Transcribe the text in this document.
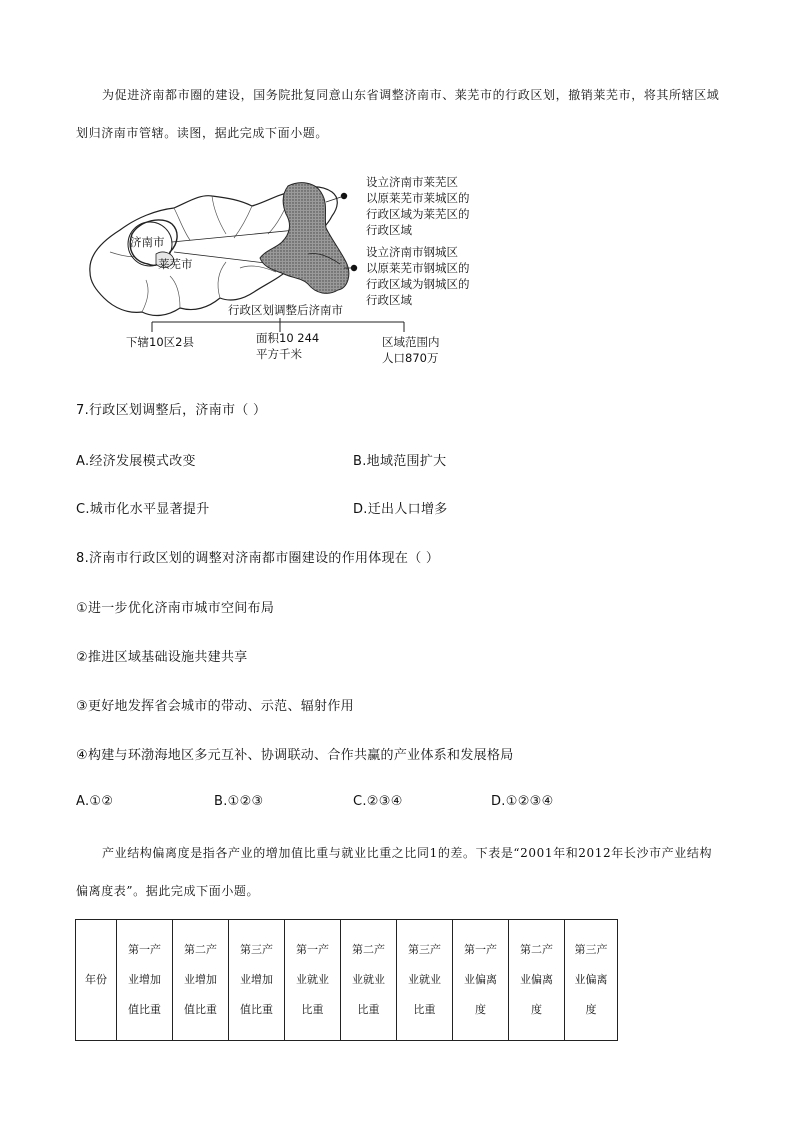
为促进济南都市圈的建设，国务院批复同意山东省调整济南市、莱芜市的行政区划，撤销莱芜市，将其所辖区域划归济南市管辖。读图，据此完成下面小题。
济南市
莱芜市
设立济南市莱芜区
以原莱芜市莱城区的
行政区域为莱芜区的
行政区域
设立济南市钢城区
以原莱芜市钢城区的
行政区域为钢城区的
行政区域
行政区划调整后济南市
下辖10区2县	面积10 244
平方千米
区域范围内
人口870万
7.行政区划调整后，济南市（ ）
A.经济发展模式改变	B.地域范围扩大
C.城市化水平显著提升	D.迁出人口增多
8.济南市行政区划的调整对济南都市圈建设的作用体现在（ ）
①进一步优化济南市城市空间布局
②推进区域基础设施共建共享
③更好地发挥省会城市的带动、示范、辐射作用
④构建与环渤海地区多元互补、协调联动、合作共赢的产业体系和发展格局
A.①②	B.①②③	C.②③④	D.①②③④
产业结构偏离度是指各产业的增加值比重与就业比重之比同1的差。下表是“2001年和2012年长沙市产业结构偏离度表”。据此完成下面小题。
年份	第一产
业增加
值比重	第二产
业增加
值比重	第三产
业增加
值比重	第一产
业就业
比重	第二产
业就业
比重	第三产
业就业
比重	第一产
业偏离
度	第二产
业偏离
度	第三产
业偏离
度
